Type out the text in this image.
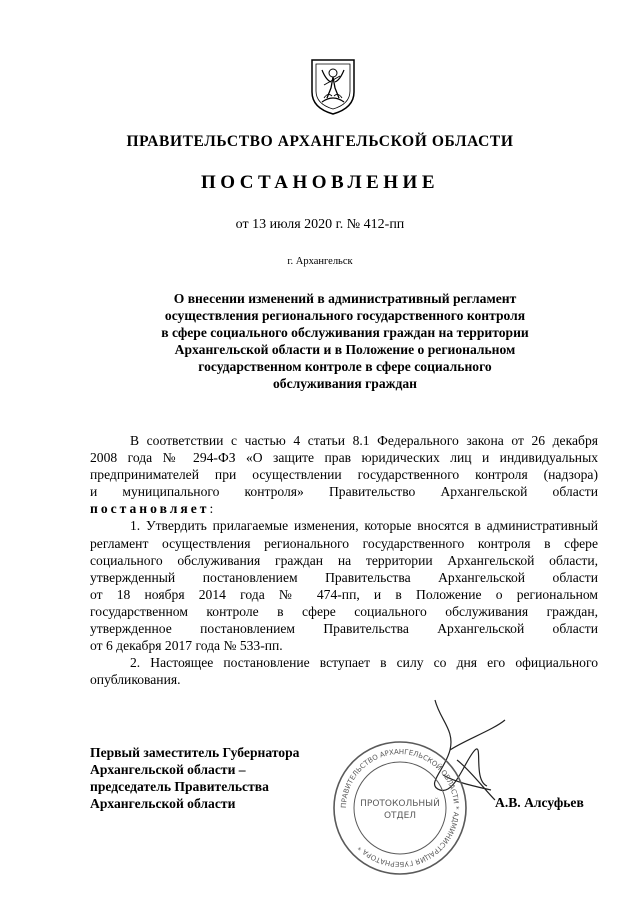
ПРАВИТЕЛЬСТВО АРХАНГЕЛЬСКОЙ ОБЛАСТИ
ПОСТАНОВЛЕНИЕ
от 13 июля 2020 г. № 412-пп
г. Архангельск
О внесении изменений в административный регламент
осуществления регионального государственного контроля
в сфере социального обслуживания граждан на территории
Архангельской области и в Положение о региональном
государственном контроле в сфере социального
обслуживания граждан
В соответствии с частью 4 статьи 8.1 Федерального закона от 26 декабря
2008 года № 294-ФЗ «О защите прав юридических лиц и индивидуальных
предпринимателей при осуществлении государственного контроля (надзора)
и муниципального контроля» Правительство Архангельской области
постановляет:
1. Утвердить прилагаемые изменения, которые вносятся в административный
регламент осуществления регионального государственного контроля в сфере
социального обслуживания граждан на территории Архангельской области,
утвержденный постановлением Правительства Архангельской области
от 18 ноября 2014 года № 474-пп, и в Положение о региональном
государственном контроле в сфере социального обслуживания граждан,
утвержденное постановлением Правительства Архангельской области
от 6 декабря 2017 года № 533-пп.
2. Настоящее постановление вступает в силу со дня его официального
опубликования.
ПРАВИТЕЛЬСТВО АРХАНГЕЛЬСКОЙ ОБЛАСТИ * АДМИНИСТРАЦИЯ ГУБЕРНАТОРА *
ПРОТОКОЛЬНЫЙ
ОТДЕЛ
Первый заместитель Губернатора
Архангельской области –
председатель Правительства
Архангельской области	А.В. Алсуфьев
